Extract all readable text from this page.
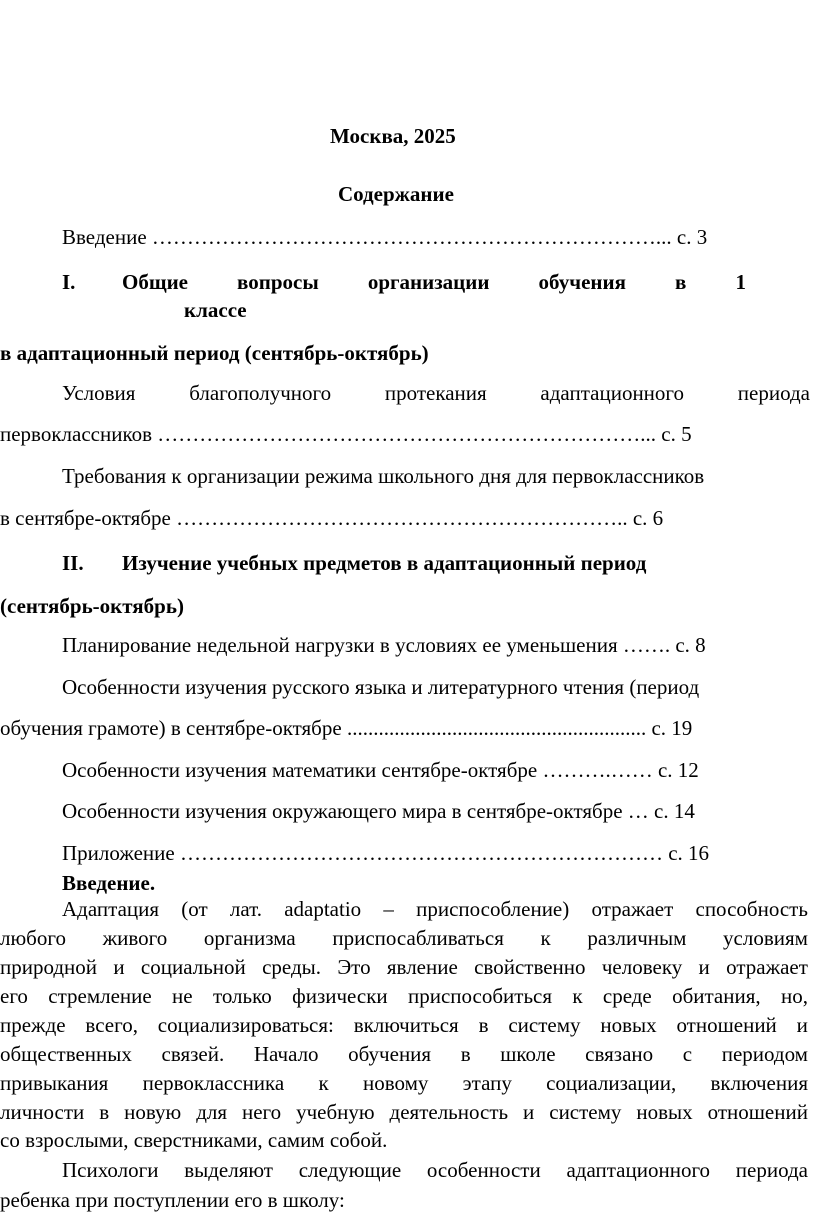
Москва, 2025
Содержание
Введение ………………………………………………………………... с. 3
I. Общие вопросы организации обучения в 1
классе
в адаптационный период (сентябрь-октябрь)
Условия	благополучного	протекания	адаптационного	периода
первоклассников ……………………………………………………………... с. 5
Требования к организации режима школьного дня для первоклассников
в сентябре-октябре ……………………………………………………….. с. 6
II. Изучение учебных предметов в адаптационный период
(сентябрь-октябрь)
Планирование недельной нагрузки в условиях ее уменьшения ……. с. 8
Особенности изучения русского языка и литературного чтения (период
обучения грамоте) в сентябре-октябре ......................................................... с. 19
Особенности изучения математики сентябре-октябре ……….…… с. 12
Особенности изучения окружающего мира в сентябре-октябре … с. 14
Приложение …………………………………………………………… с. 16
Введение.
Адаптация (от лат. adaptatio – приспособление) отражает способность
любого живого организма приспосабливаться к различным условиям
природной и социальной среды. Это явление свойственно человеку и отражает
его стремление не только физически приспособиться к среде обитания, но,
прежде всего, социализироваться: включиться в систему новых отношений и
общественных связей. Начало обучения в школе связано с периодом
привыкания первоклассника к новому этапу социализации, включения
личности в новую для него учебную деятельность и систему новых отношений
со взрослыми, сверстниками, самим собой.
Психологи выделяют следующие особенности адаптационного периода
ребенка при поступлении его в школу:
